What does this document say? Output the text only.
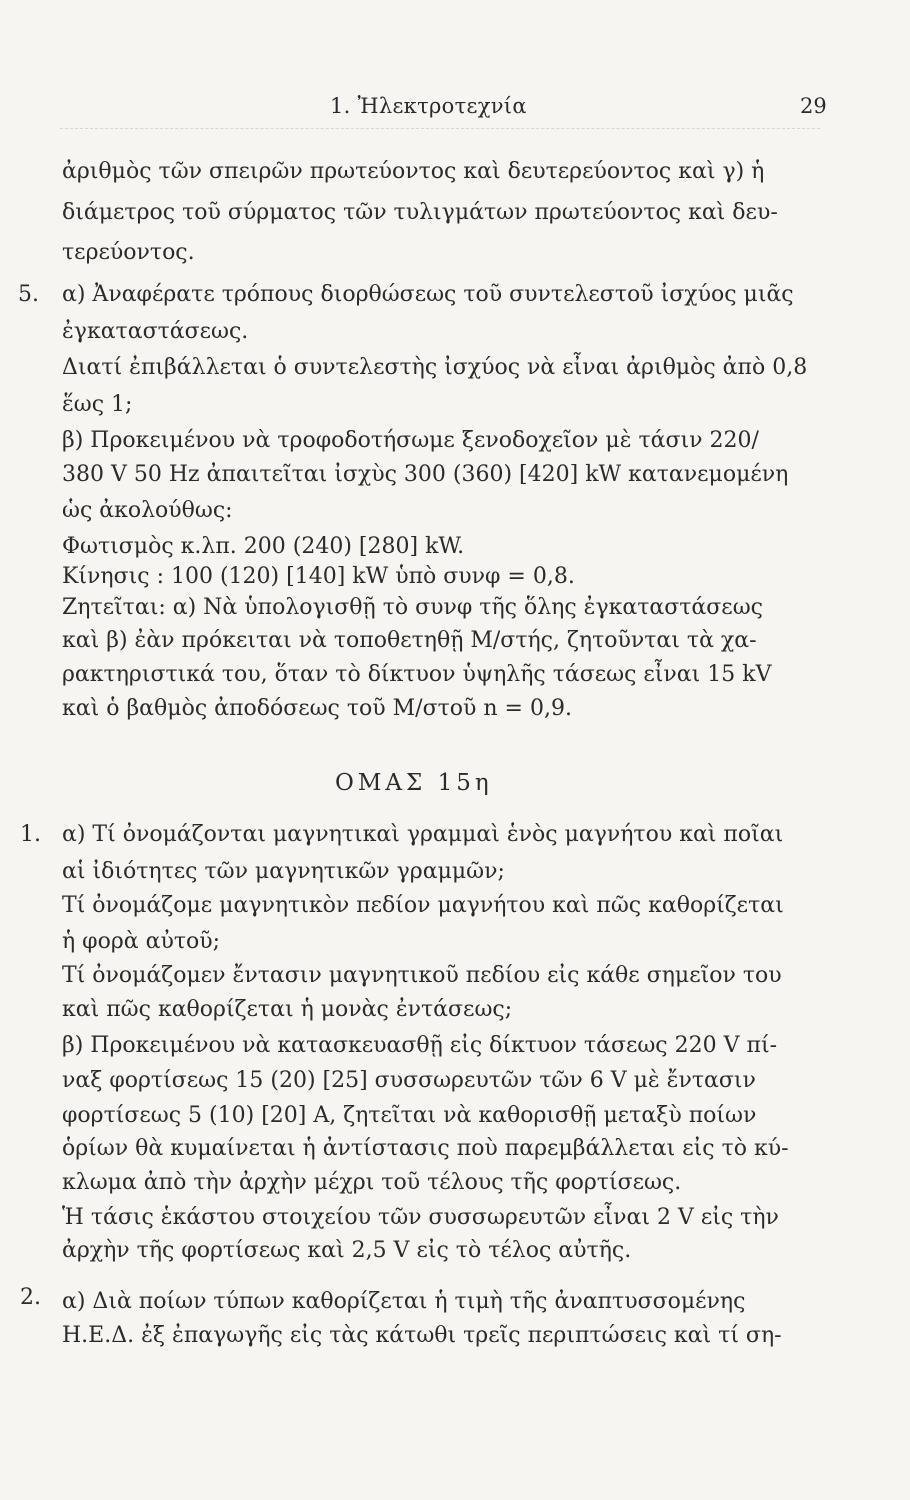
1. Ἠλεκτροτεχνία	29
ἀριθμὸς τῶν σπειρῶν πρωτεύοντος καὶ δευτερεύοντος καὶ γ) ἡ
διάμετρος τοῦ σύρματος τῶν τυλιγμάτων πρωτεύοντος καὶ δευ-
τερεύοντος.
5. α) Ἀναφέρατε τρόπους διορθώσεως τοῦ συντελεστοῦ ἰσχύος μιᾶς
ἐγκαταστάσεως.
Διατί ἐπιβάλλεται ὁ συντελεστὴς ἰσχύος νὰ εἶναι ἀριθμὸς ἀπὸ 0,8
ἕως 1;
β) Προκειμένου νὰ τροφοδοτήσωμε ξενοδοχεῖον μὲ τάσιν 220/
380 V 50 Hz ἀπαιτεῖται ἰσχὺς 300 (360) [420] kW κατανεμομένη
ὡς ἀκολούθως:
Φωτισμὸς κ.λπ. 200 (240) [280] kW.
Κίνησις : 100 (120) [140] kW ὑπὸ συνφ = 0,8.
Ζητεῖται: α) Νὰ ὑπολογισθῇ τὸ συνφ τῆς ὅλης ἐγκαταστάσεως
καὶ β) ἐὰν πρόκειται νὰ τοποθετηθῇ Μ/στής, ζητοῦνται τὰ χα-
ρακτηριστικά του, ὅταν τὸ δίκτυον ὑψηλῆς τάσεως εἶναι 15 kV
καὶ ὁ βαθμὸς ἀποδόσεως τοῦ Μ/στοῦ n = 0,9.
ΟΜΑΣ 15η
1. α) Τί ὀνομάζονται μαγνητικαὶ γραμμαὶ ἑνὸς μαγνήτου καὶ ποῖαι
αἱ ἰδιότητες τῶν μαγνητικῶν γραμμῶν;
Τί ὀνομάζομε μαγνητικὸν πεδίον μαγνήτου καὶ πῶς καθορίζεται
ἡ φορὰ αὐτοῦ;
Τί ὀνομάζομεν ἔντασιν μαγνητικοῦ πεδίου εἰς κάθε σημεῖον του
καὶ πῶς καθορίζεται ἡ μονὰς ἐντάσεως;
β) Προκειμένου νὰ κατασκευασθῇ εἰς δίκτυον τάσεως 220 V πί-
ναξ φορτίσεως 15 (20) [25] συσσωρευτῶν τῶν 6 V μὲ ἔντασιν
φορτίσεως 5 (10) [20] Α, ζητεῖται νὰ καθορισθῇ μεταξὺ ποίων
ὁρίων θὰ κυμαίνεται ἡ ἀντίστασις ποὺ παρεμβάλλεται εἰς τὸ κύ-
κλωμα ἀπὸ τὴν ἀρχὴν μέχρι τοῦ τέλους τῆς φορτίσεως.
Ἡ τάσις ἑκάστου στοιχείου τῶν συσσωρευτῶν εἶναι 2 V εἰς τὴν
ἀρχὴν τῆς φορτίσεως καὶ 2,5 V εἰς τὸ τέλος αὐτῆς.
2. α) Διὰ ποίων τύπων καθορίζεται ἡ τιμὴ τῆς ἀναπτυσσομένης
Η.Ε.Δ. ἐξ ἐπαγωγῆς εἰς τὰς κάτωθι τρεῖς περιπτώσεις καὶ τί ση-
